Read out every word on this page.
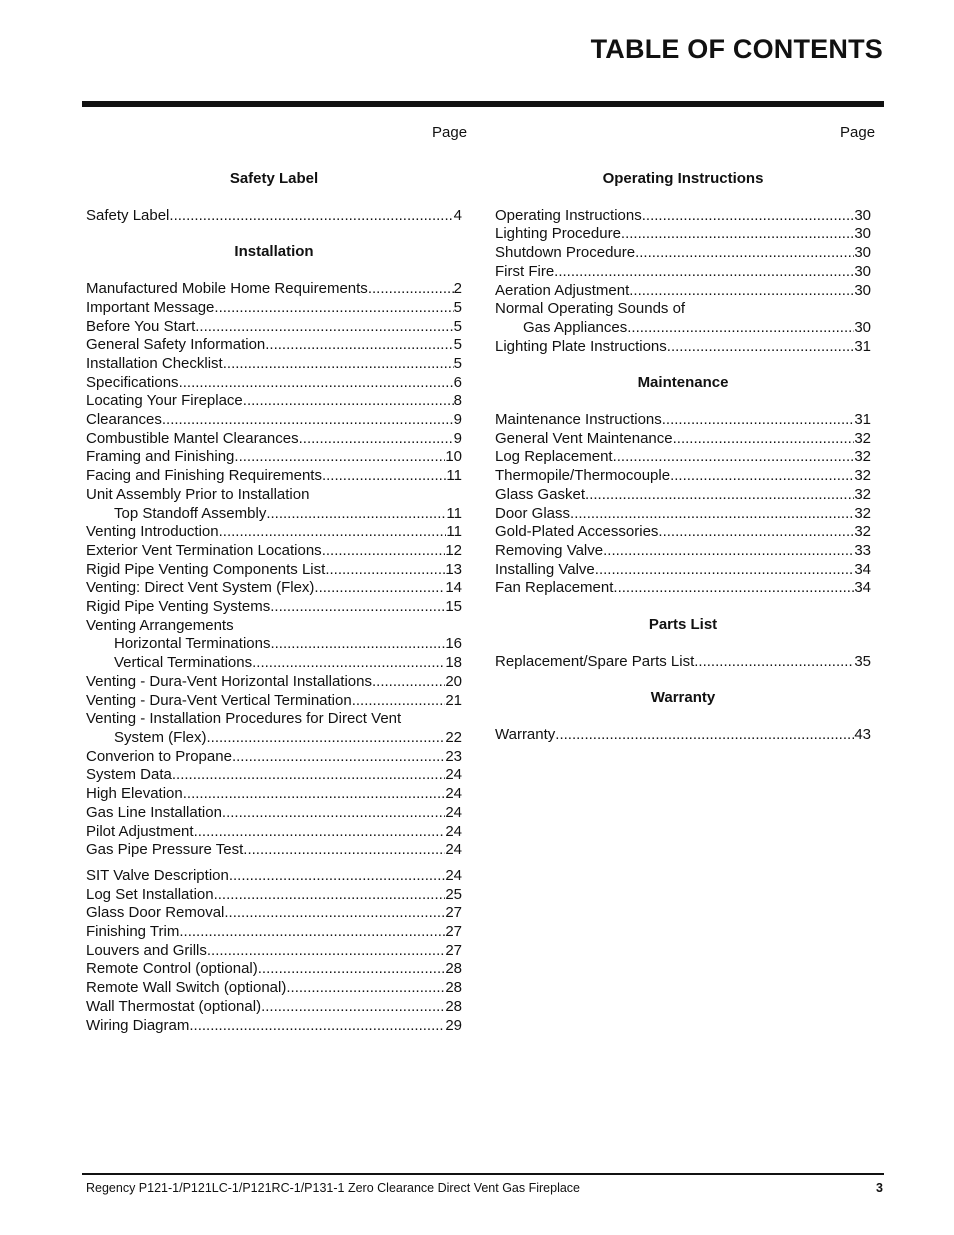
TABLE OF CONTENTS
Page	Page
Safety Label
Safety Label .....	4
Installation
Manufactured Mobile Home Requirements .....	2
Important Message .....	5
Before You Start .....	5
General Safety Information .....	5
Installation Checklist .....	5
Specifications .....	6
Locating Your Fireplace .....	8
Clearances .....	9
Combustible Mantel Clearances .....	9
Framing and Finishing .....	10
Facing and Finishing Requirements .....	11
Unit Assembly Prior to Installation
Top Standoff Assembly .....	11
Venting Introduction .....	11
Exterior Vent Termination Locations .....	12
Rigid Pipe Venting Components List .....	13
Venting: Direct Vent System (Flex) .....	14
Rigid Pipe Venting Systems .....	15
Venting Arrangements
Horizontal Terminations .....	16
Vertical Terminations .....	18
Venting - Dura-Vent Horizontal Installations .....	20
Venting - Dura-Vent Vertical Termination .....	21
Venting - Installation Procedures for Direct Vent
System (Flex) .....	22
Converion to Propane .....	23
System Data .....	24
High Elevation .....	24
Gas Line Installation .....	24
Pilot Adjustment .....	24
Gas Pipe Pressure Test .....	24
SIT Valve Description .....	24
Log Set Installation .....	25
Glass Door Removal .....	27
Finishing Trim .....	27
Louvers and Grills .....	27
Remote Control (optional) .....	28
Remote Wall Switch (optional) .....	28
Wall Thermostat (optional) .....	28
Wiring Diagram .....	29
Operating Instructions
Operating Instructions .....	30
Lighting Procedure .....	30
Shutdown Procedure .....	30
First Fire .....	30
Aeration Adjustment .....	30
Normal Operating Sounds of
Gas Appliances .....	30
Lighting Plate Instructions .....	31
Maintenance
Maintenance Instructions .....	31
General Vent Maintenance .....	32
Log Replacement .....	32
Thermopile/Thermocouple .....	32
Glass Gasket .....	32
Door Glass .....	32
Gold-Plated Accessories .....	32
Removing Valve .....	33
Installing Valve .....	34
Fan Replacement .....	34
Parts List
Replacement/Spare Parts List .....	35
Warranty
Warranty .....	43
Regency P121-1/P121LC-1/P121RC-1/P131-1 Zero Clearance Direct Vent Gas Fireplace	3
